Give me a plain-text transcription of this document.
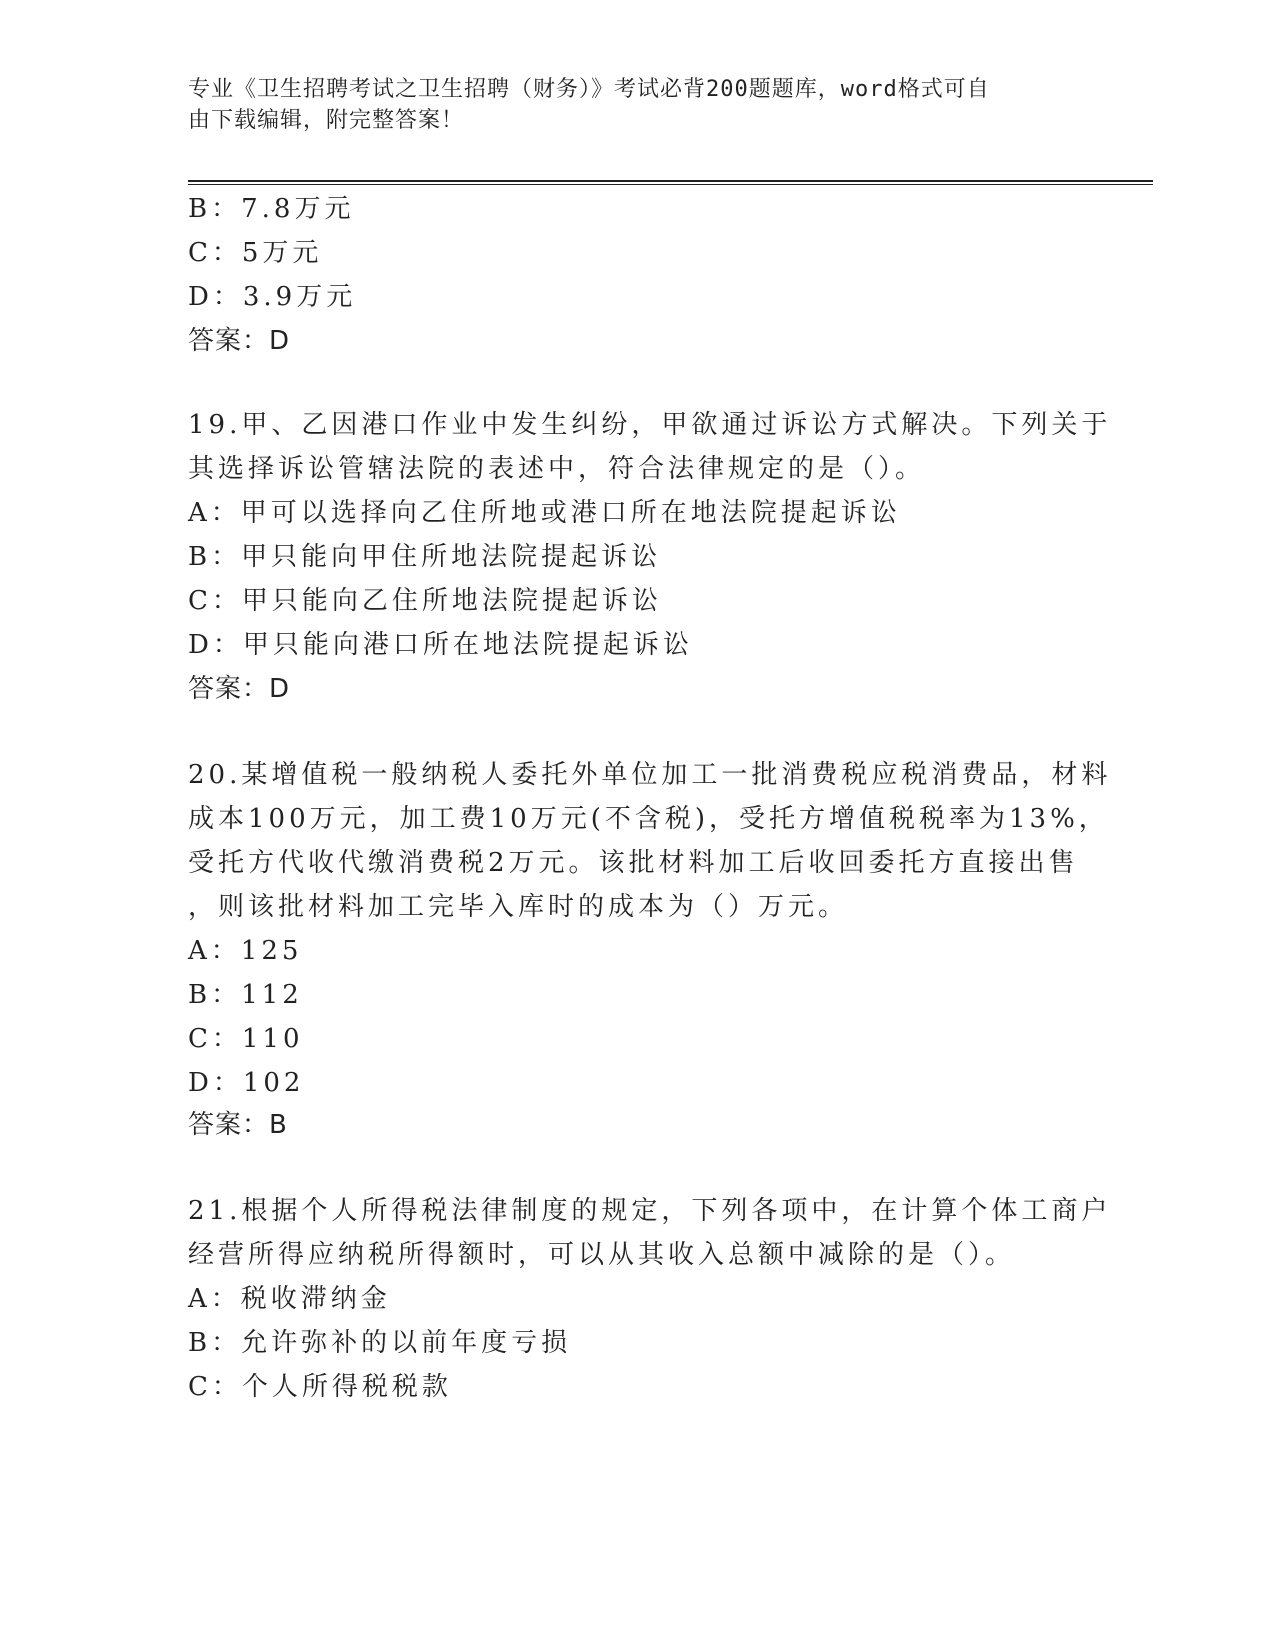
专业《卫生招聘考试之卫生招聘（财务）》考试必背200题题库，word格式可自
由下载编辑，附完整答案！
B：7.8万元
C：5万元
D：3.9万元
答案：D
19.甲、乙因港口作业中发生纠纷，甲欲通过诉讼方式解决。下列关于
其选择诉讼管辖法院的表述中，符合法律规定的是（）。
A：甲可以选择向乙住所地或港口所在地法院提起诉讼
B：甲只能向甲住所地法院提起诉讼
C：甲只能向乙住所地法院提起诉讼
D：甲只能向港口所在地法院提起诉讼
答案：D
20.某增值税一般纳税人委托外单位加工一批消费税应税消费品，材料
成本100万元，加工费10万元(不含税)，受托方增值税税率为13%，
受托方代收代缴消费税2万元。该批材料加工后收回委托方直接出售
，则该批材料加工完毕入库时的成本为（）万元。
A：125
B：112
C：110
D：102
答案：B
21.根据个人所得税法律制度的规定，下列各项中，在计算个体工商户
经营所得应纳税所得额时，可以从其收入总额中减除的是（）。
A：税收滞纳金
B：允许弥补的以前年度亏损
C：个人所得税税款
